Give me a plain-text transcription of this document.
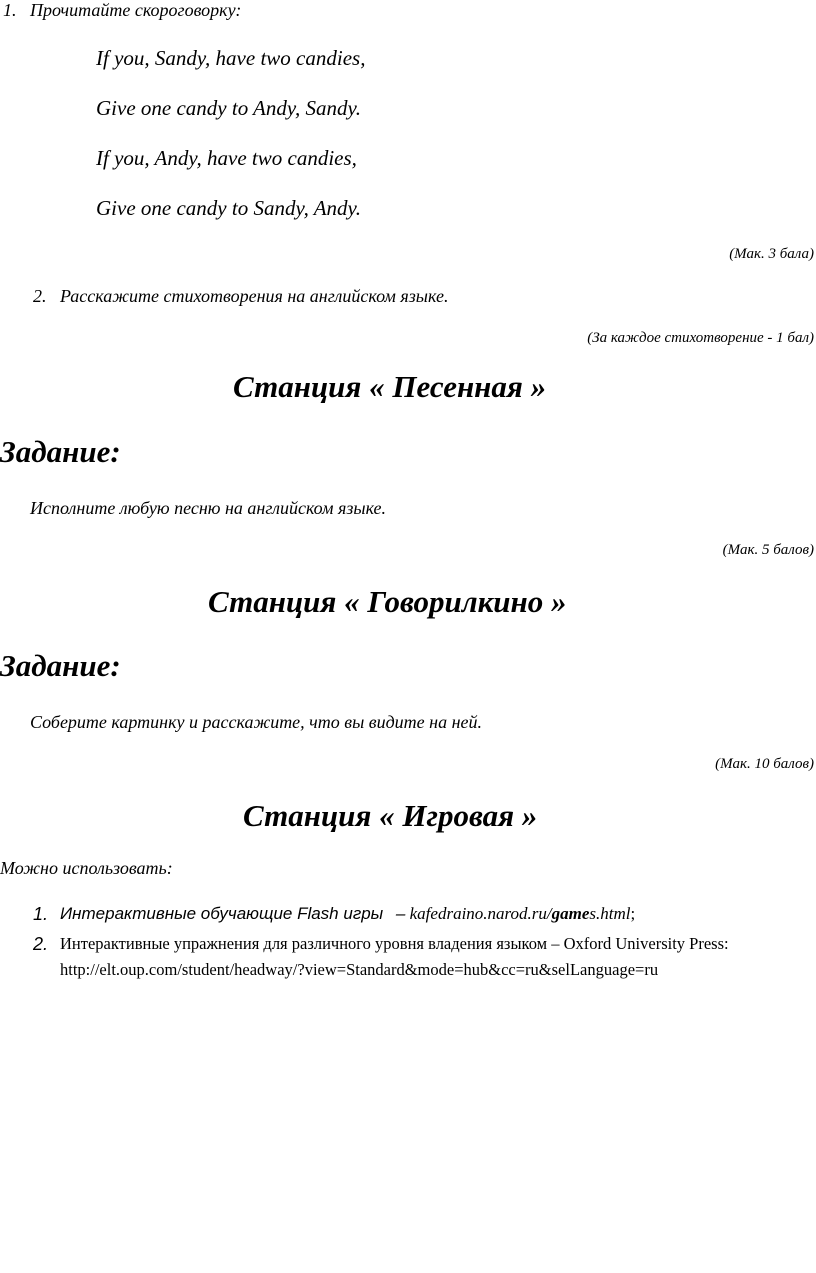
1. Прочитайте скороговорку:
If you, Sandy, have two candies,
Give one candy to Andy, Sandy.
If you, Andy, have two candies,
Give one candy to Sandy, Andy.
(Мак. 3 бала)
2. Расскажите стихотворения на английском языке.
(За каждое стихотворение - 1 бал)
Станция « Песенная »
Задание:
Исполните любую песню на английском языке.
(Мак. 5 балов)
Станция « Говорилкино »
Задание:
Соберите картинку и расскажите, что вы видите на ней.
(Мак. 10 балов)
Станция « Игровая »
Можно использовать:
1. Интерактивные обучающие Flash игры – kafedraino.narod.ru/games.html;
2. Интерактивные упражнения для различного уровня владения языком – Oxford University Press:
http://elt.oup.com/student/headway/?view=Standard&mode=hub&cc=ru&selLanguage=ru
